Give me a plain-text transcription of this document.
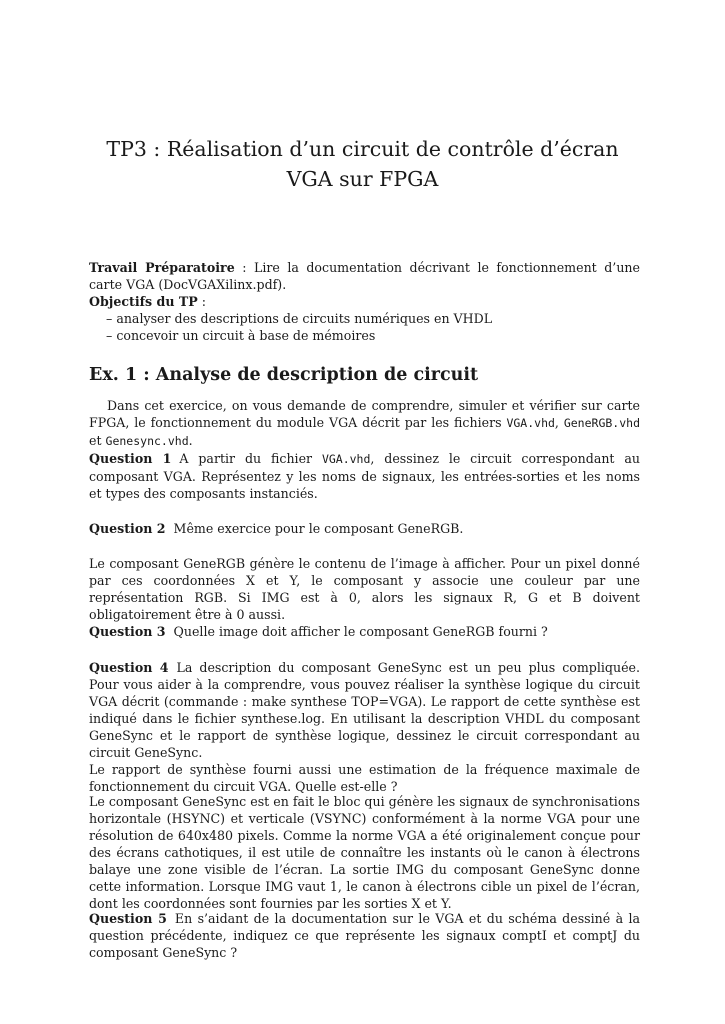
TP3 : Réalisation d’un circuit de contrôle d’écran VGA sur FPGA
Travail Préparatoire : Lire la documentation décrivant le fonctionnement d’une carte VGA (DocVGAXilinx.pdf).
Objectifs du TP :
– analyser des descriptions de circuits numériques en VHDL
– concevoir un circuit à base de mémoires
Ex. 1 : Analyse de description de circuit
Dans cet exercice, on vous demande de comprendre, simuler et vérifier sur carte FPGA, le fonctionnement du module VGA décrit par les fichiers VGA.vhd, GeneRGB.vhd et Genesync.vhd.
Question 1 A partir du fichier VGA.vhd, dessinez le circuit correspondant au composant VGA. Représentez y les noms de signaux, les entrées-sorties et les noms et types des composants instanciés.
Question 2 Même exercice pour le composant GeneRGB.
Le composant GeneRGB génère le contenu de l’image à afficher. Pour un pixel donné par ces coordonnées X et Y, le composant y associe une couleur par une représentation RGB. Si IMG est à 0, alors les signaux R, G et B doivent obligatoirement être à 0 aussi.
Question 3 Quelle image doit afficher le composant GeneRGB fourni ?
Question 4 La description du composant GeneSync est un peu plus compliquée. Pour vous aider à la comprendre, vous pouvez réaliser la synthèse logique du circuit VGA décrit (commande : make synthese TOP=VGA). Le rapport de cette synthèse est indiqué dans le fichier synthese.log. En utilisant la description VHDL du composant GeneSync et le rapport de synthèse logique, dessinez le circuit correspondant au circuit GeneSync.
Le rapport de synthèse fourni aussi une estimation de la fréquence maximale de fonctionnement du circuit VGA. Quelle est-elle ?
Le composant GeneSync est en fait le bloc qui génère les signaux de synchronisations horizontale (HSYNC) et verticale (VSYNC) conformément à la norme VGA pour une résolution de 640x480 pixels. Comme la norme VGA a été originalement conçue pour des écrans cathotiques, il est utile de connaître les instants où le canon à électrons balaye une zone visible de l’écran. La sortie IMG du composant GeneSync donne cette information. Lorsque IMG vaut 1, le canon à électrons cible un pixel de l’écran, dont les coordonnées sont fournies par les sorties X et Y.
Question 5 En s’aidant de la documentation sur le VGA et du schéma dessiné à la question précédente, indiquez ce que représente les signaux comptI et comptJ du composant GeneSync ?
